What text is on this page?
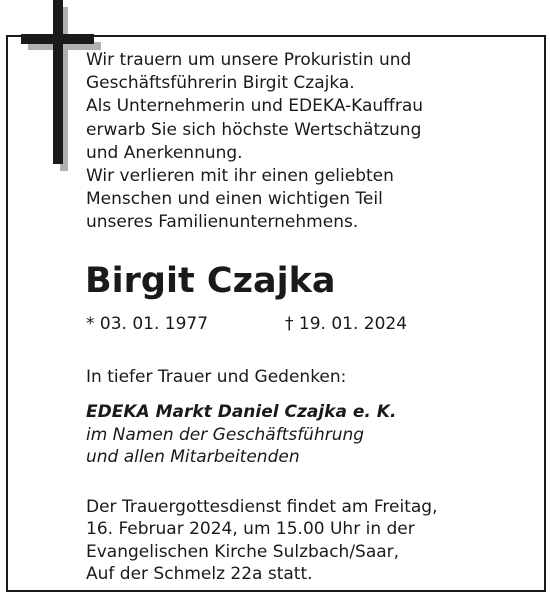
Wir trauern um unsere Prokuristin und
Geschäftsführerin Birgit Czajka.
Als Unternehmerin und EDEKA-Kauffrau
erwarb Sie sich höchste Wertschätzung
und Anerkennung.
Wir verlieren mit ihr einen geliebten
Menschen und einen wichtigen Teil
unseres Familienunternehmens.

Birgit Czajka
* 03. 01. 1977	† 19. 01. 2024
In tiefer Trauer und Gedenken:
EDEKA Markt Daniel Czajka e. K.
im Namen der Geschäftsführung
und allen Mitarbeitenden
Der Trauergottesdienst findet am Freitag,
16. Februar 2024, um 15.00 Uhr in der
Evangelischen Kirche Sulzbach/Saar,
Auf der Schmelz 22a statt.
